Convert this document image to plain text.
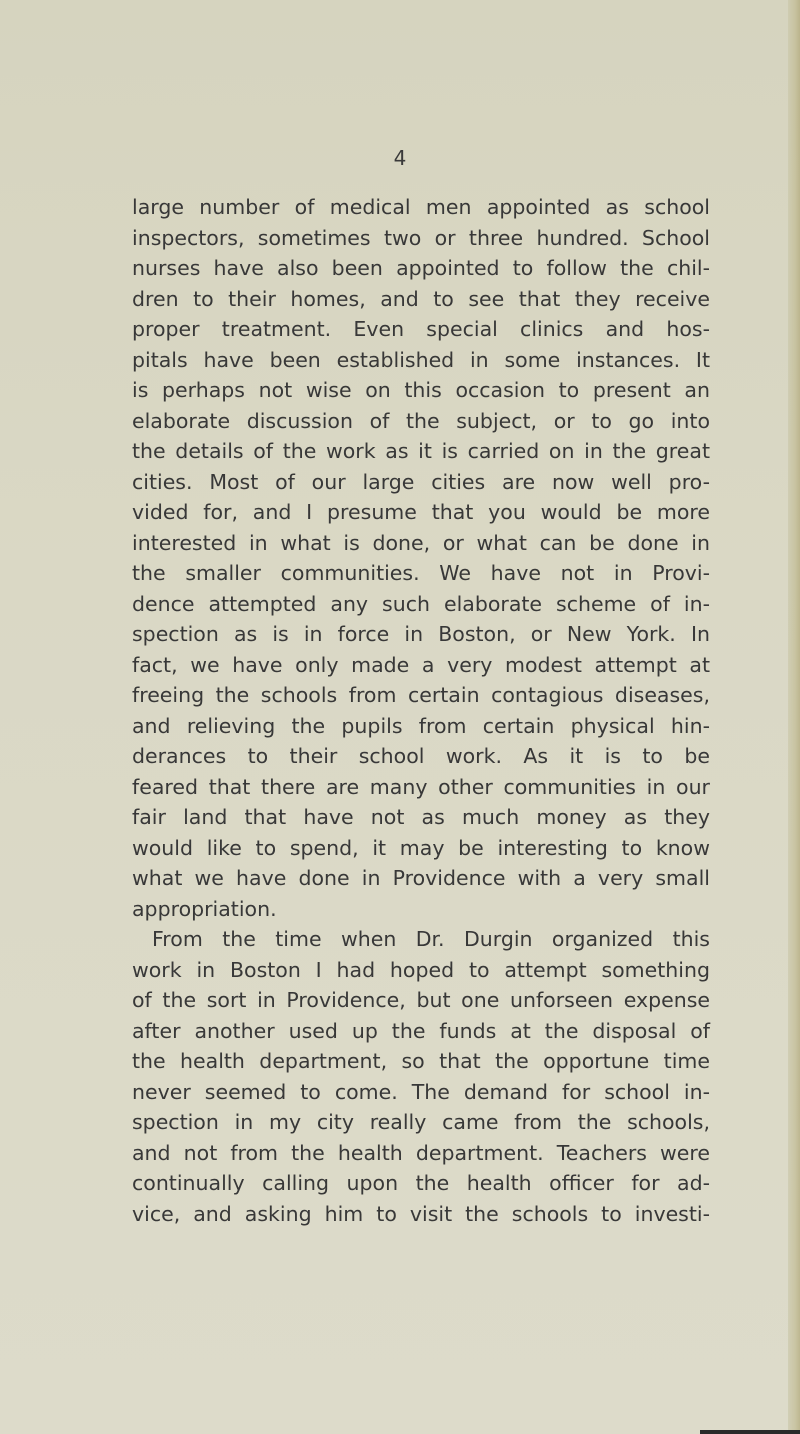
4
large number of medical men appointed as school
inspectors, sometimes two or three hundred. School
nurses have also been appointed to follow the chil-
dren to their homes, and to see that they receive
proper treatment. Even special clinics and hos-
pitals have been established in some instances. It
is perhaps not wise on this occasion to present an
elaborate discussion of the subject, or to go into
the details of the work as it is carried on in the great
cities. Most of our large cities are now well pro-
vided for, and I presume that you would be more
interested in what is done, or what can be done in
the smaller communities. We have not in Provi-
dence attempted any such elaborate scheme of in-
spection as is in force in Boston, or New York. In
fact, we have only made a very modest attempt at
freeing the schools from certain contagious diseases,
and relieving the pupils from certain physical hin-
derances to their school work. As it is to be
feared that there are many other communities in our
fair land that have not as much money as they
would like to spend, it may be interesting to know
what we have done in Providence with a very small
appropriation.
From the time when Dr. Durgin organized this
work in Boston I had hoped to attempt something
of the sort in Providence, but one unforseen expense
after another used up the funds at the disposal of
the health department, so that the opportune time
never seemed to come. The demand for school in-
spection in my city really came from the schools,
and not from the health department. Teachers were
continually calling upon the health officer for ad-
vice, and asking him to visit the schools to investi-
